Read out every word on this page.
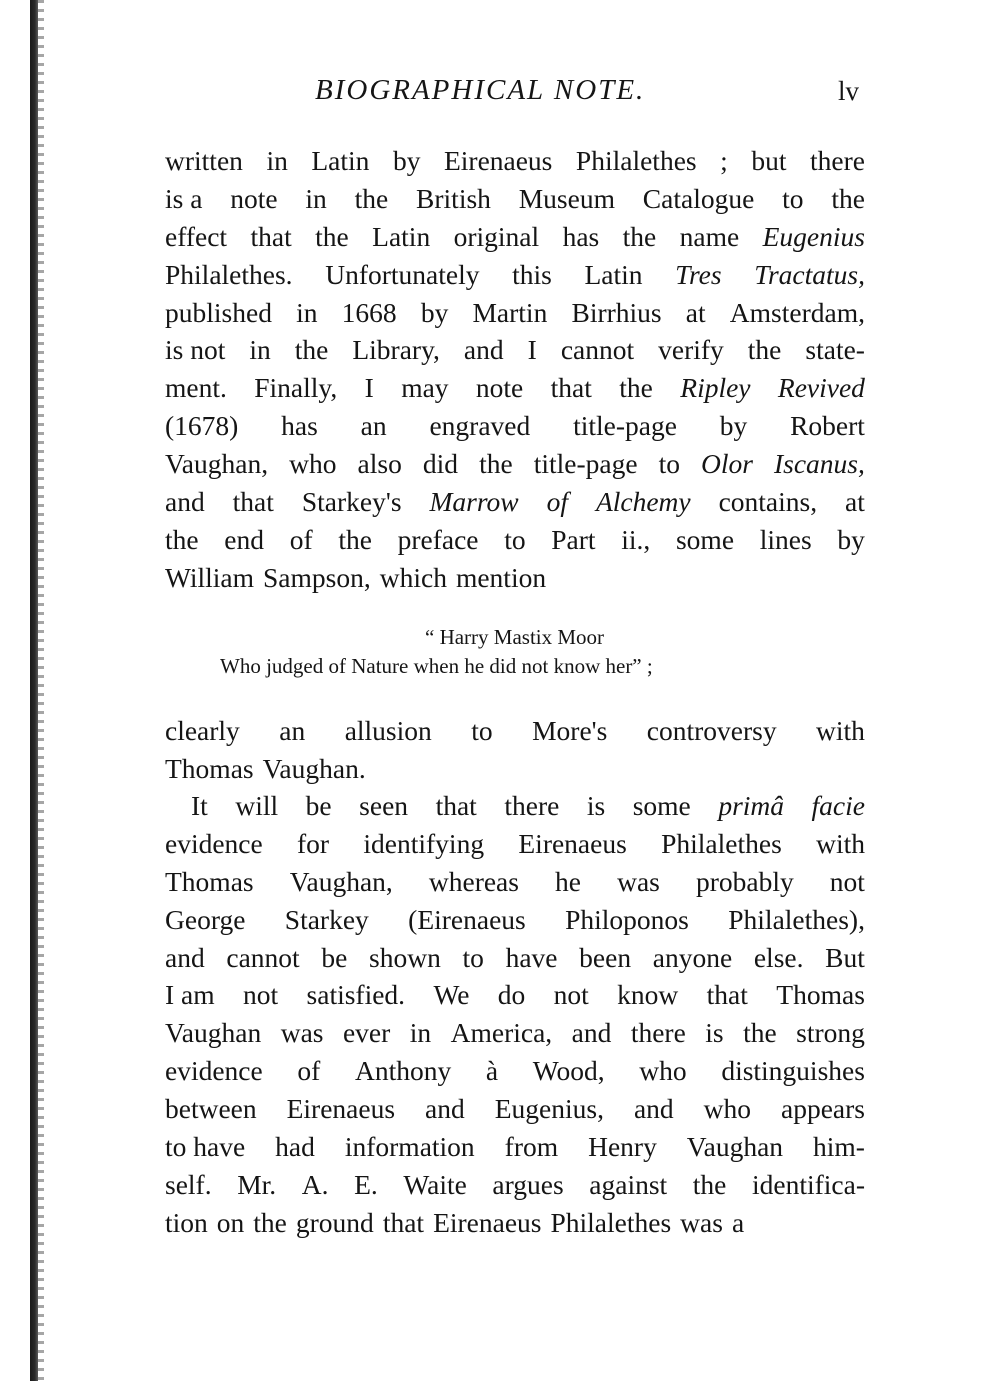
BIOGRAPHICAL NOTE.	lv
written in Latin by Eirenaeus Philalethes ; but there
is a note in the British Museum Catalogue to the
effect that the Latin original has the name Eugenius
Philalethes. Unfortunately this Latin Tres Tractatus,
published in 1668 by Martin Birrhius at Amsterdam,
is not in the Library, and I cannot verify the state-
ment. Finally, I may note that the Ripley Revived
(1678) has an engraved title-page by Robert
Vaughan, who also did the title-page to Olor Iscanus,
and that Starkey's Marrow of Alchemy contains, at
the end of the preface to Part ii., some lines by
William Sampson, which mention
“ Harry Mastix Moor
Who judged of Nature when he did not know her” ;
clearly an allusion to More's controversy with
Thomas Vaughan.
It will be seen that there is some primâ facie
evidence for identifying Eirenaeus Philalethes with
Thomas Vaughan, whereas he was probably not
George Starkey (Eirenaeus Philoponos Philalethes),
and cannot be shown to have been anyone else. But
I am not satisfied. We do not know that Thomas
Vaughan was ever in America, and there is the strong
evidence of Anthony à Wood, who distinguishes
between Eirenaeus and Eugenius, and who appears
to have had information from Henry Vaughan him-
self. Mr. A. E. Waite argues against the identifica-
tion on the ground that Eirenaeus Philalethes was a
